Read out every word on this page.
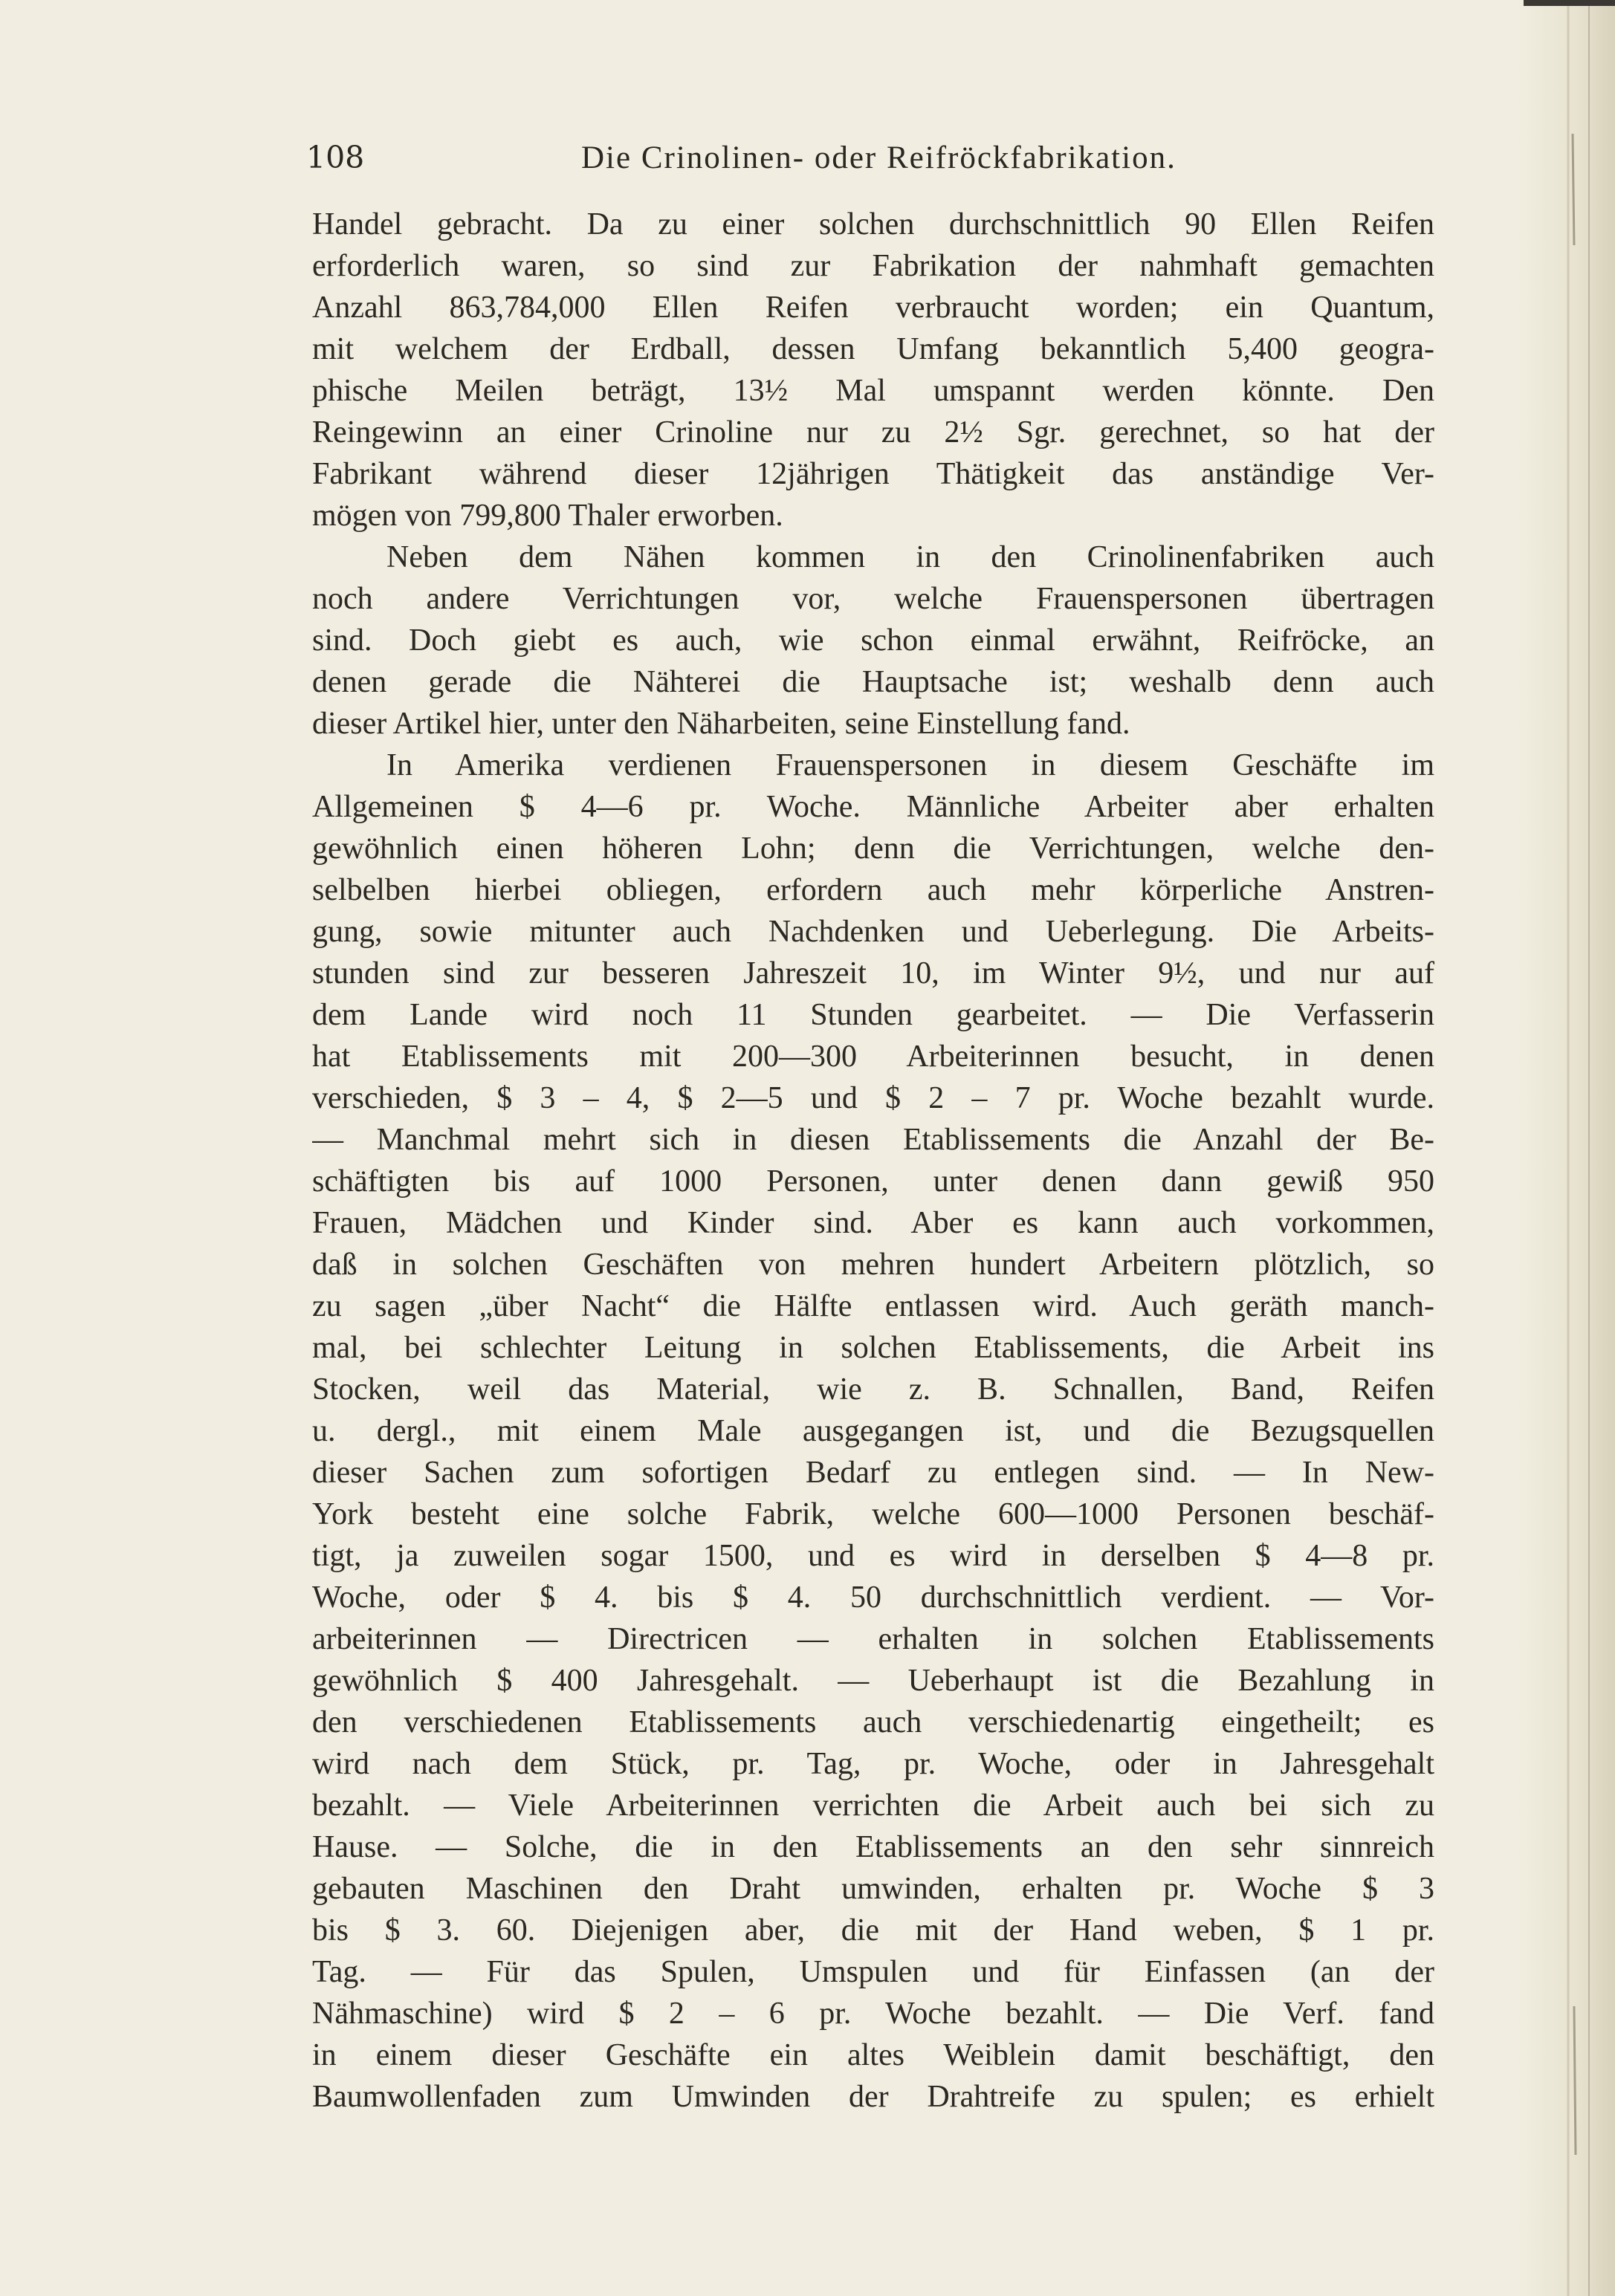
108	Die Crinolinen- oder Reifröckfabrikation.
Handel gebracht. Da zu einer solchen durchschnittlich 90 Ellen Reifen
erforderlich waren, so sind zur Fabrikation der nahmhaft gemachten
Anzahl 863,784,000 Ellen Reifen verbraucht worden; ein Quantum,
mit welchem der Erdball, dessen Umfang bekanntlich 5,400 geogra-
phische Meilen beträgt, 13½ Mal umspannt werden könnte. Den
Reingewinn an einer Crinoline nur zu 2½ Sgr. gerechnet, so hat der
Fabrikant während dieser 12jährigen Thätigkeit das anständige Ver-
mögen von 799,800 Thaler erworben.
Neben dem Nähen kommen in den Crinolinenfabriken auch
noch andere Verrichtungen vor, welche Frauenspersonen übertragen
sind. Doch giebt es auch, wie schon einmal erwähnt, Reifröcke, an
denen gerade die Nähterei die Hauptsache ist; weshalb denn auch
dieser Artikel hier, unter den Näharbeiten, seine Einstellung fand.
In Amerika verdienen Frauenspersonen in diesem Geschäfte im
Allgemeinen $ 4—6 pr. Woche. Männliche Arbeiter aber erhalten
gewöhnlich einen höheren Lohn; denn die Verrichtungen, welche den-
selbelben hierbei obliegen, erfordern auch mehr körperliche Anstren-
gung, sowie mitunter auch Nachdenken und Ueberlegung. Die Arbeits-
stunden sind zur besseren Jahreszeit 10, im Winter 9½, und nur auf
dem Lande wird noch 11 Stunden gearbeitet. — Die Verfasserin
hat Etablissements mit 200—300 Arbeiterinnen besucht, in denen
verschieden, $ 3 – 4, $ 2—5 und $ 2 – 7 pr. Woche bezahlt wurde.
— Manchmal mehrt sich in diesen Etablissements die Anzahl der Be-
schäftigten bis auf 1000 Personen, unter denen dann gewiß 950
Frauen, Mädchen und Kinder sind. Aber es kann auch vorkommen,
daß in solchen Geschäften von mehren hundert Arbeitern plötzlich, so
zu sagen „über Nacht“ die Hälfte entlassen wird. Auch geräth manch-
mal, bei schlechter Leitung in solchen Etablissements, die Arbeit ins
Stocken, weil das Material, wie z. B. Schnallen, Band, Reifen
u. dergl., mit einem Male ausgegangen ist, und die Bezugsquellen
dieser Sachen zum sofortigen Bedarf zu entlegen sind. — In New-
York besteht eine solche Fabrik, welche 600—1000 Personen beschäf-
tigt, ja zuweilen sogar 1500, und es wird in derselben $ 4—8 pr.
Woche, oder $ 4. bis $ 4. 50 durchschnittlich verdient. — Vor-
arbeiterinnen — Directricen — erhalten in solchen Etablissements
gewöhnlich $ 400 Jahresgehalt. — Ueberhaupt ist die Bezahlung in
den verschiedenen Etablissements auch verschiedenartig eingetheilt; es
wird nach dem Stück, pr. Tag, pr. Woche, oder in Jahresgehalt
bezahlt. — Viele Arbeiterinnen verrichten die Arbeit auch bei sich zu
Hause. — Solche, die in den Etablissements an den sehr sinnreich
gebauten Maschinen den Draht umwinden, erhalten pr. Woche $ 3
bis $ 3. 60. Diejenigen aber, die mit der Hand weben, $ 1 pr.
Tag. — Für das Spulen, Umspulen und für Einfassen (an der
Nähmaschine) wird $ 2 – 6 pr. Woche bezahlt. — Die Verf. fand
in einem dieser Geschäfte ein altes Weiblein damit beschäftigt, den
Baumwollenfaden zum Umwinden der Drahtreife zu spulen; es erhielt
